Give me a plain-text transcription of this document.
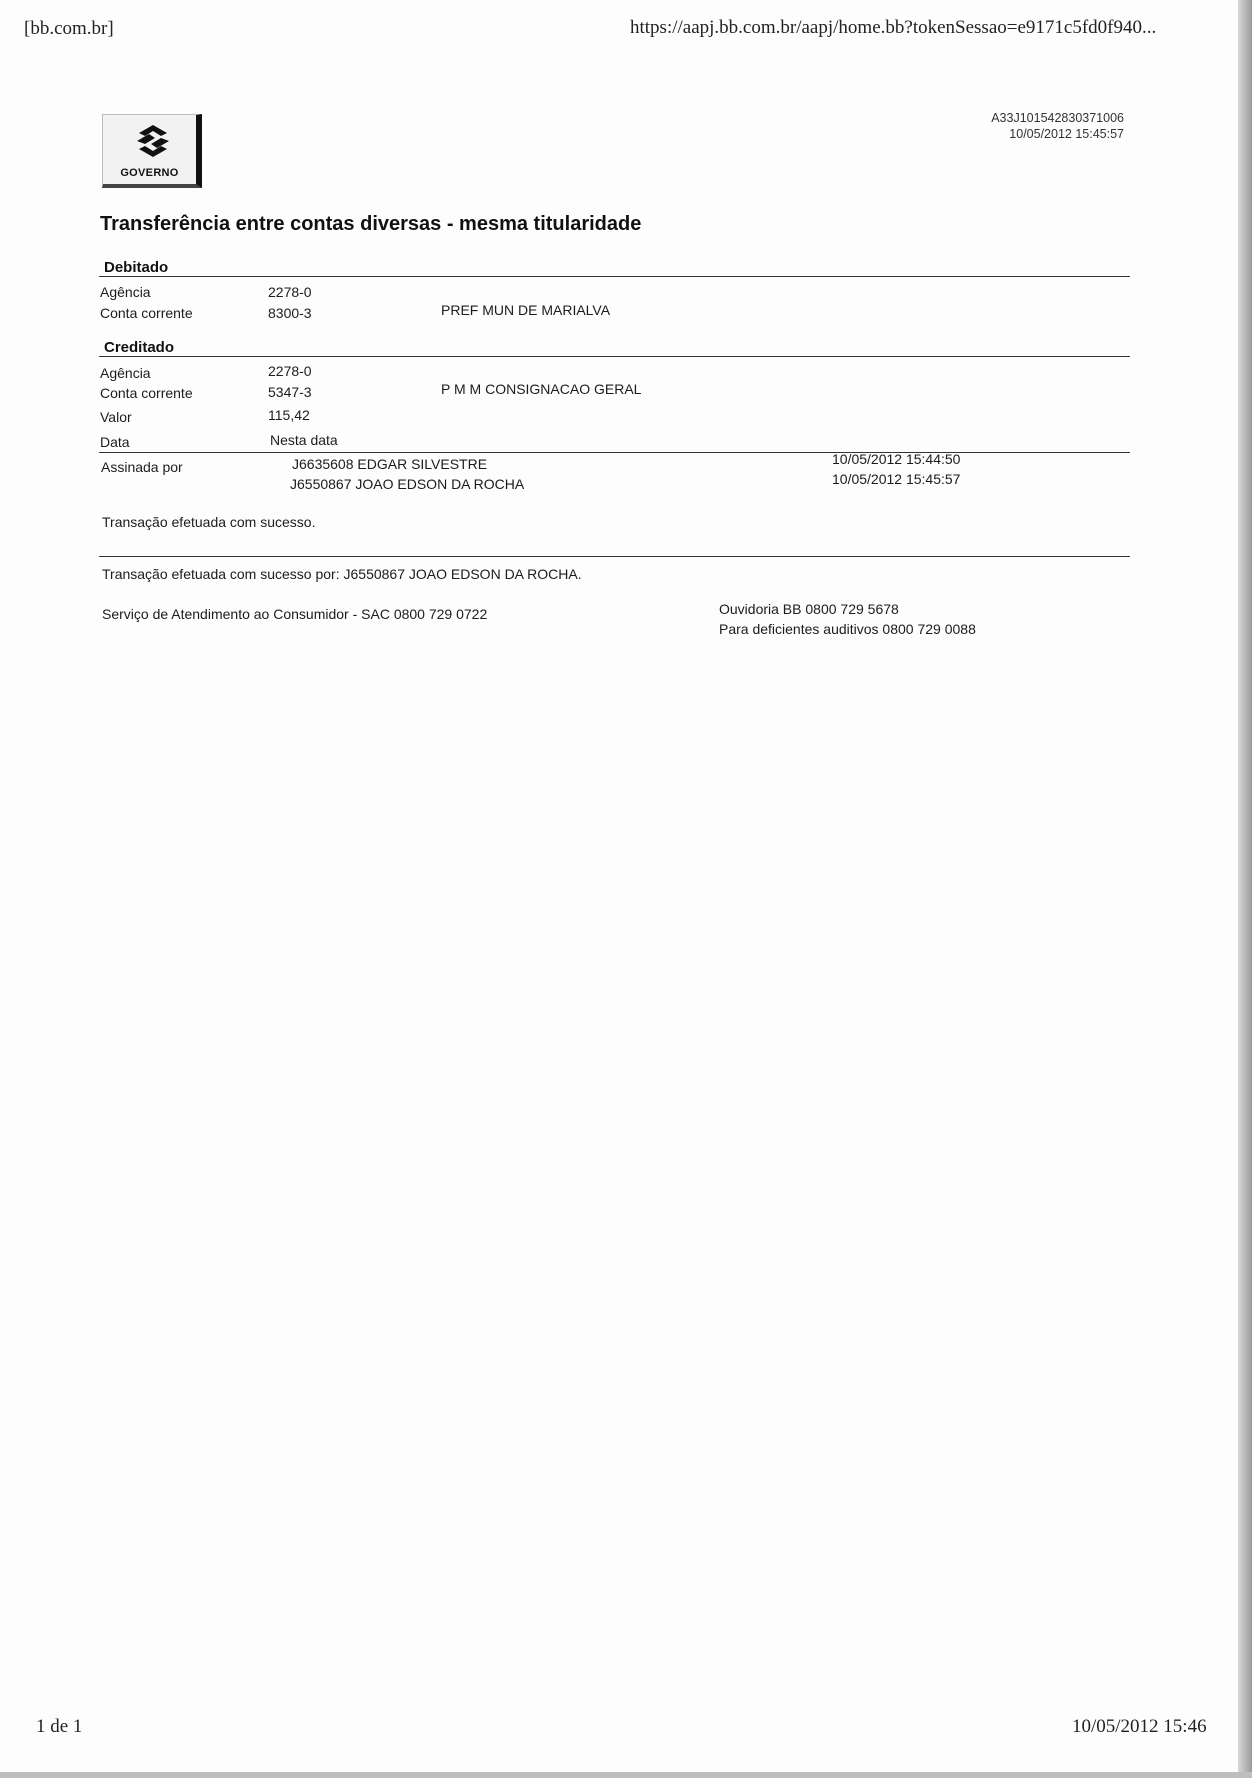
[bb.com.br]	https://aapj.bb.com.br/aapj/home.bb?tokenSessao=e9171c5fd0f940...
GOVERNO
A33J101542830371006
10/05/2012 15:45:57
Transferência entre contas diversas - mesma titularidade
Debitado
Agência	2278-0
Conta corrente	8300-3	PREF MUN DE MARIALVA
Creditado
Agência	2278-0
Conta corrente	5347-3	P M M CONSIGNACAO GERAL
Valor	115,42
Data	Nesta data
Assinada por	J6635608 EDGAR SILVESTRE	10/05/2012 15:44:50
J6550867 JOAO EDSON DA ROCHA	10/05/2012 15:45:57
Transação efetuada com sucesso.
Transação efetuada com sucesso por: J6550867 JOAO EDSON DA ROCHA.
Serviço de Atendimento ao Consumidor - SAC 0800 729 0722	Ouvidoria BB 0800 729 5678
Para deficientes auditivos 0800 729 0088
1 de 1	10/05/2012 15:46
